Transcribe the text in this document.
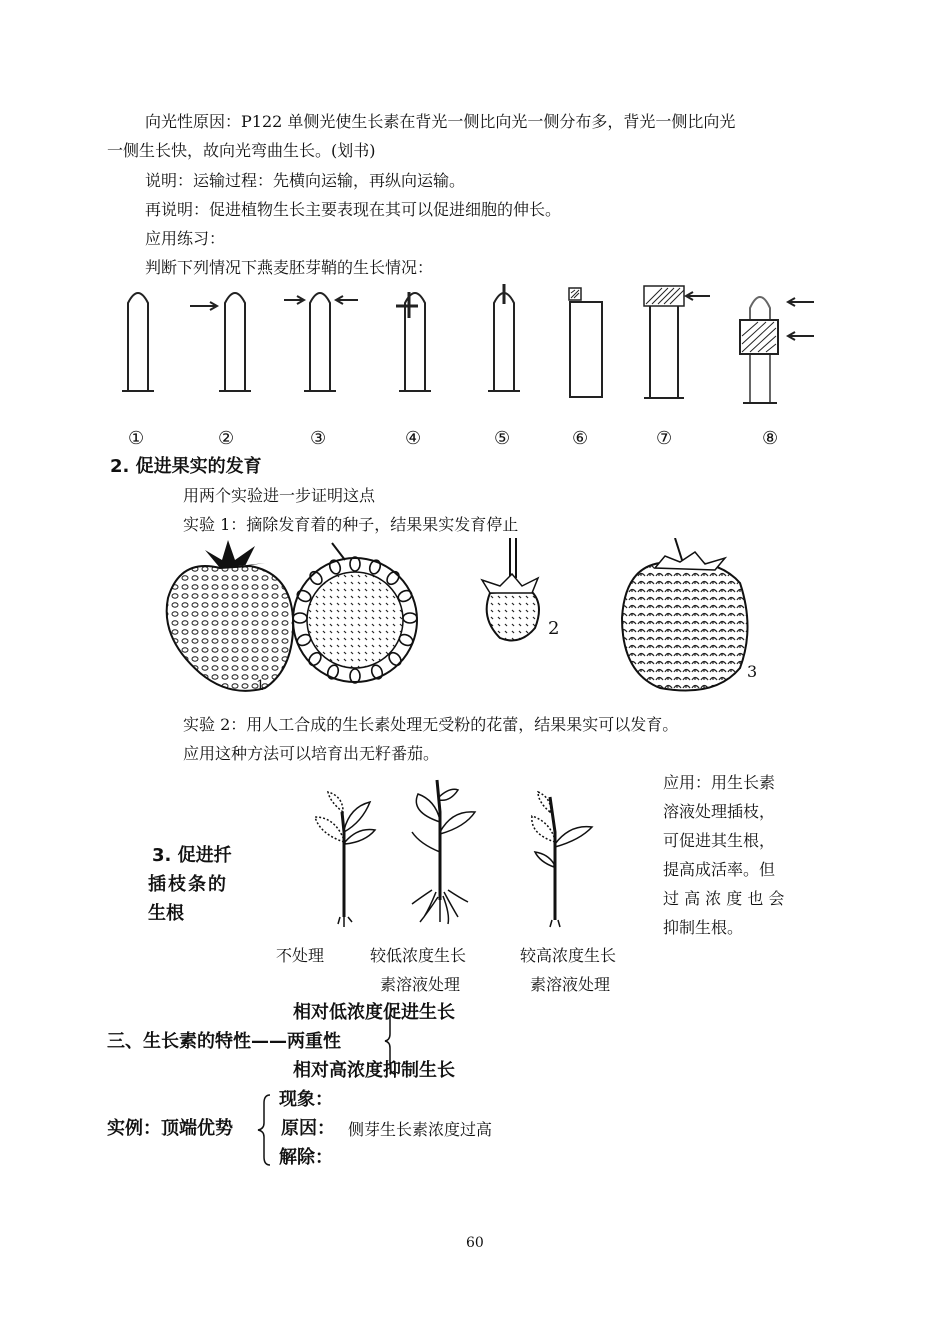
向光性原因：P122 单侧光使生长素在背光一侧比向光一侧分布多，背光一侧比向光
一侧生长快，故向光弯曲生长。(划书)
说明：运输过程：先横向运输，再纵向运输。
再说明：促进植物生长主要表现在其可以促进细胞的伸长。
应用练习：
判断下列情况下燕麦胚芽鞘的生长情况：
①	②	③	④	⑤	⑥	⑦	⑧
2. 促进果实的发育
用两个实验进一步证明这点
实验 1：摘除发育着的种子，结果果实发育停止
1
2
3
实验 2：用人工合成的生长素处理无受粉的花蕾，结果果实可以发育。
应用这种方法可以培育出无籽番茄。
3. 促进扦
插枝条的
生根
不处理	较低浓度生长
素溶液处理
较高浓度生长
素溶液处理
应用：用生长素
溶液处理插枝，
可促进其生根，
提高成活率。但
过 高 浓 度 也 会
抑制生根。
相对低浓度促进生长
三、生长素的特性——两重性
相对高浓度抑制生长
实例：顶端优势
现象：
原因： 侧芽生长素浓度过高
解除：
60
